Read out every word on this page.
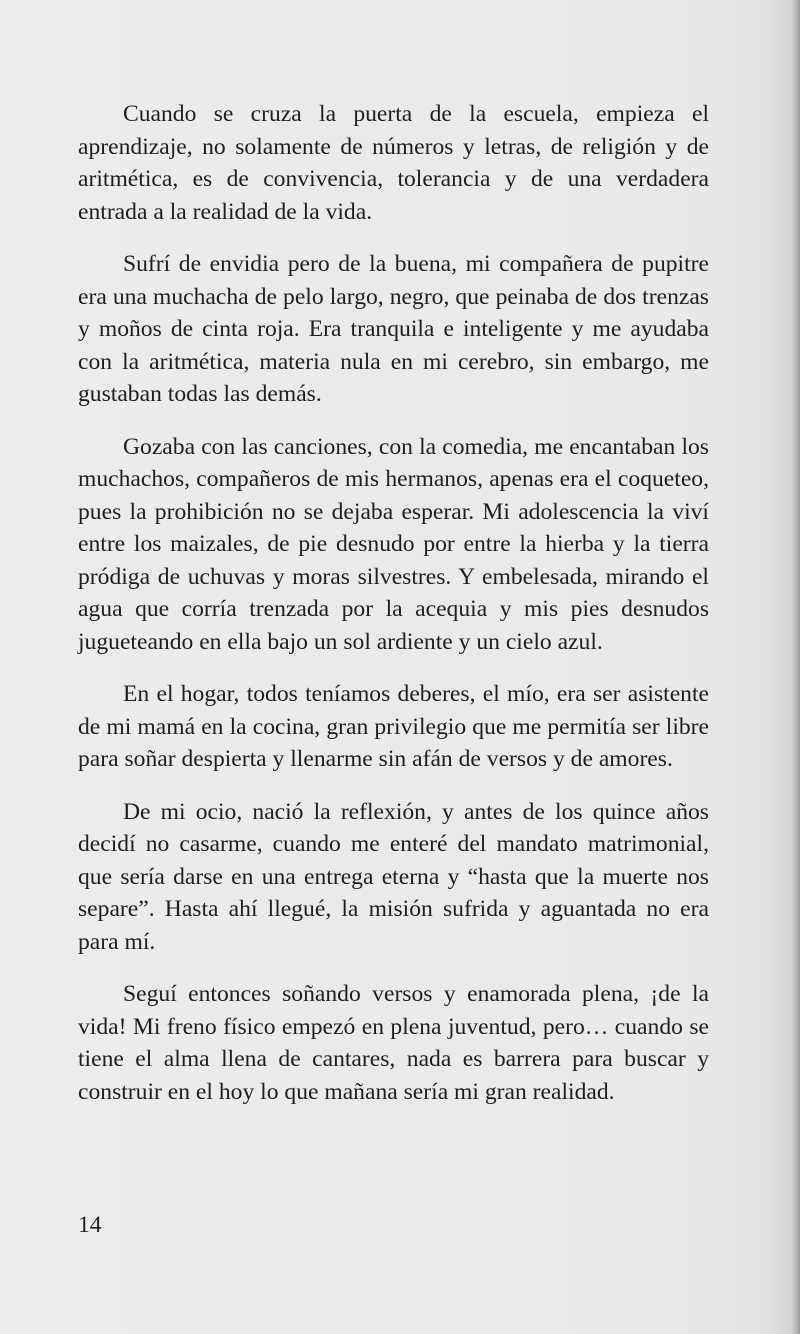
Cuando se cruza la puerta de la escuela, empieza el aprendizaje, no solamente de números y letras, de religión y de aritmética, es de convivencia, tolerancia y de una verdadera entrada a la realidad de la vida.

Sufrí de envidia pero de la buena, mi compañera de pupitre era una muchacha de pelo largo, negro, que peinaba de dos trenzas y moños de cinta roja. Era tranquila e inteligente y me ayudaba con la aritmética, materia nula en mi cerebro, sin embargo, me gustaban todas las demás.

Gozaba con las canciones, con la comedia, me encantaban los muchachos, compañeros de mis hermanos, apenas era el coqueteo, pues la prohibición no se dejaba esperar. Mi adolescencia la viví entre los maizales, de pie desnudo por entre la hierba y la tierra pródiga de uchuvas y moras silvestres. Y embelesada, mirando el agua que corría trenzada por la acequia y mis pies desnudos jugueteando en ella bajo un sol ardiente y un cielo azul.

En el hogar, todos teníamos deberes, el mío, era ser asistente de mi mamá en la cocina, gran privilegio que me permitía ser libre para soñar despierta y llenarme sin afán de versos y de amores.

De mi ocio, nació la reflexión, y antes de los quince años decidí no casarme, cuando me enteré del mandato matrimonial, que sería darse en una entrega eterna y “hasta que la muerte nos separe”. Hasta ahí llegué, la misión sufrida y aguantada no era para mí.

Seguí entonces soñando versos y enamorada plena, ¡de la vida! Mi freno físico empezó en plena juventud, pero… cuando se tiene el alma llena de cantares, nada es barrera para buscar y construir en el hoy lo que mañana sería mi gran realidad.

14
